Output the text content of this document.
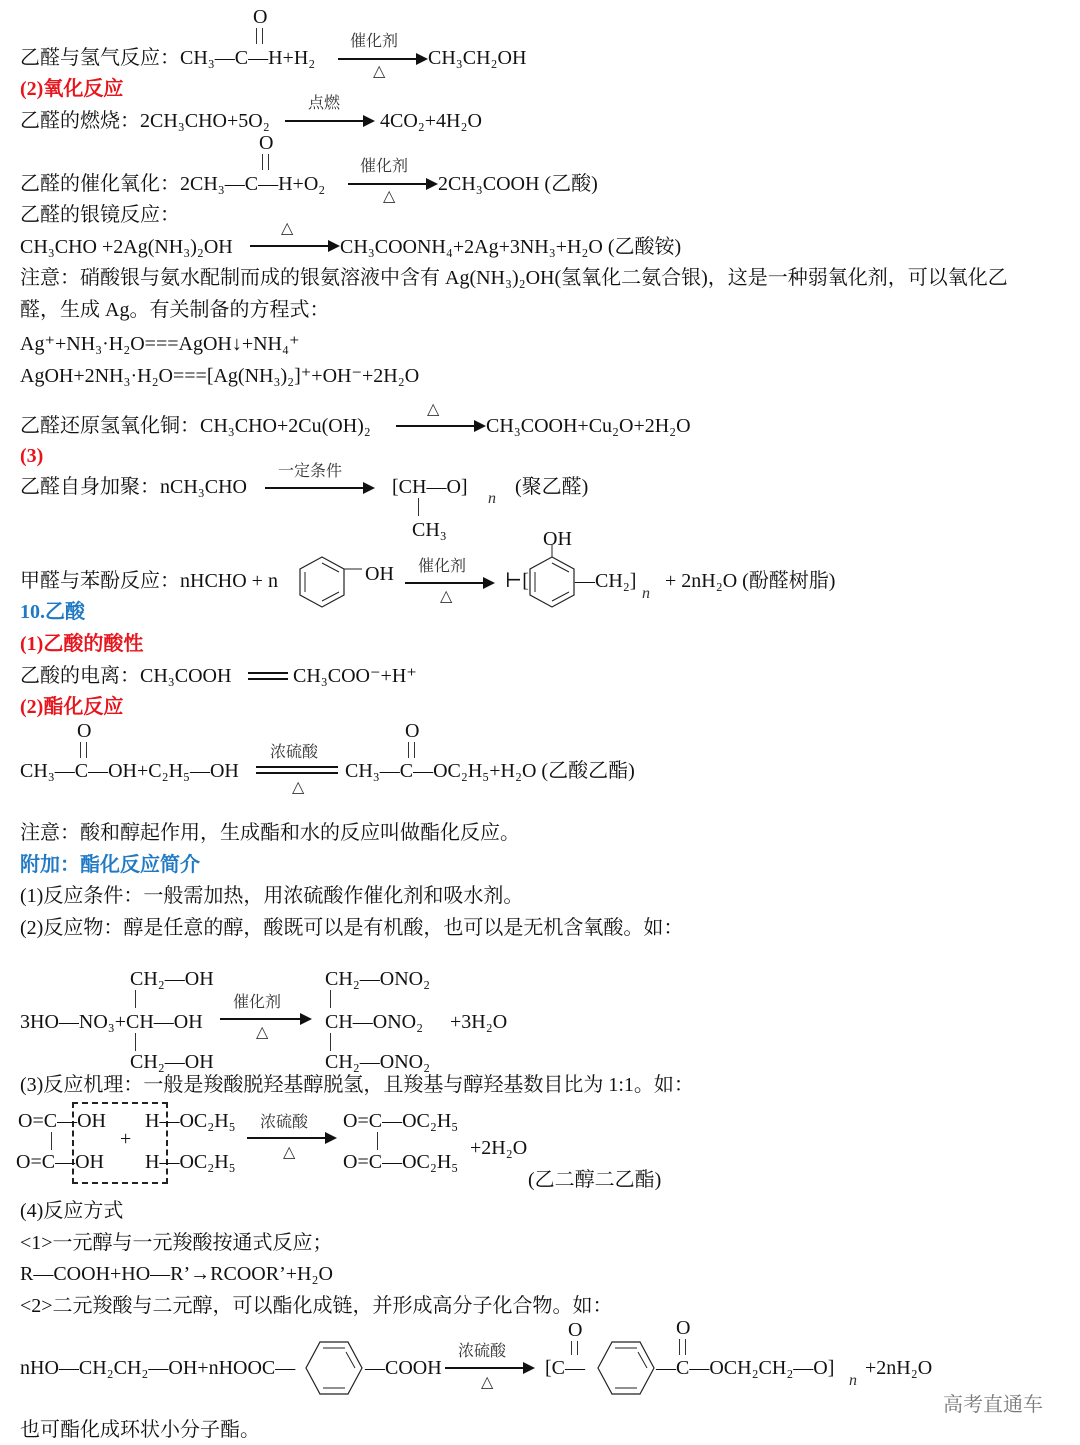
O
乙醛与氢气反应：CH₃—C—H+H₂
催化剂
△
CH₃CH₂OH
(2)氧化反应
乙醛的燃烧：2CH₃CHO+5O₂
点燃
4CO₂+4H₂O
O
乙醛的催化氧化：2CH₃—C—H+O₂
催化剂
△
2CH₃COOH (乙酸)
乙醛的银镜反应：
△
CH₃CHO +2Ag(NH₃)₂OH	CH₃COONH₄+2Ag+3NH₃+H₂O (乙酸铵)
注意：硝酸银与氨水配制而成的银氨溶液中含有 Ag(NH₃)₂OH(氢氧化二氨合银)，这是一种弱氧化剂，可以氧化乙
醛，生成 Ag。有关制备的方程式：
Ag⁺+NH₃·H₂O===AgOH↓+NH₄⁺
AgOH+2NH₃·H₂O===[Ag(NH₃)₂]⁺+OH⁻+2H₂O
△
乙醛还原氢氧化铜：CH₃CHO+2Cu(OH)₂	CH₃COOH+Cu₂O+2H₂O
(3)
乙醛自身加聚：nCH₃CHO
一定条件
[CH—O]
n
CH₃
(聚乙醛)
OH
甲醛与苯酚反应：nHCHO + n	OH 催化剂
△
⊢[ —CH₂]
n
+ 2nH₂O (酚醛树脂)
10.乙酸
(1)乙酸的酸性
乙酸的电离：CH₃COOH	CH₃COO⁻+H⁺
(2)酯化反应
O	O
CH₃—C—OH+C₂H₅—OH
浓硫酸
△
CH₃—C—OC₂H₅+H₂O (乙酸乙酯)
注意：酸和醇起作用，生成酯和水的反应叫做酯化反应。
附加：酯化反应简介
(1)反应条件：一般需加热，用浓硫酸作催化剂和吸水剂。
(2)反应物：醇是任意的醇，酸既可以是有机酸，也可以是无机含氧酸。如：
CH₂—OH
3HO—NO₃+CH—OH
CH₂—OH
催化剂
△
CH₂—ONO₂
CH—ONO₂
CH₂—ONO₂
+3H₂O
(3)反应机理：一般是羧酸脱羟基醇脱氢，且羧基与醇羟基数目比为 1:1。如：
O=C—OH
O=C—OH
+
H—OC₂H₅
H—OC₂H₅
浓硫酸
△
O=C—OC₂H₅
O=C—OC₂H₅
+2H₂O
(乙二醇二乙酯)
(4)反应方式
<1>一元醇与一元羧酸按通式反应；
R—COOH+HO—R’→RCOOR’+H₂O
<2>二元羧酸与二元醇，可以酯化成链，并形成高分子化合物。如：
O	O
nHO—CH₂CH₂—OH+nHOOC—	—COOH
浓硫酸
△
[C—	—C—OCH₂CH₂—O]
n
+2nH₂O
高考直通车
也可酯化成环状小分子酯。
